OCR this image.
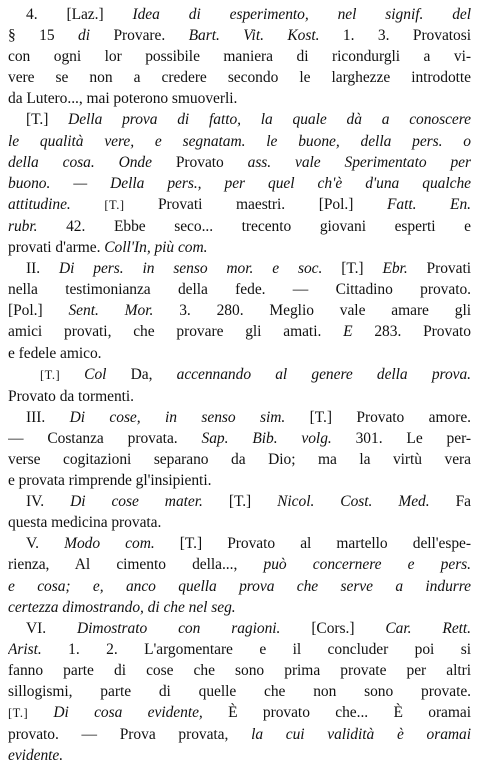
4. [Laz.] Idea di esperimento, nel signif. del
§ 15 di Provare. Bart. Vit. Kost. 1. 3. Provatosi
con ogni lor possibile maniera di ricondurgli a vi-
vere se non a credere secondo le larghezze introdotte
da Lutero..., mai poterono smuoverli.
[T.] Della prova di fatto, la quale dà a conoscere
le qualità vere, e segnatam. le buone, della pers. o
della cosa. Onde Provato ass. vale Sperimentato per
buono. — Della pers., per quel ch'è d'una qualche
attitudine. [T.] Provati maestri. [Pol.] Fatt. En.
rubr. 42. Ebbe seco... trecento giovani esperti e
provati d'arme. Coll'In, più com.
II. Di pers. in senso mor. e soc. [T.] Ebr. Provati
nella testimonianza della fede. — Cittadino provato.
[Pol.] Sent. Mor. 3. 280. Meglio vale amare gli
amici provati, che provare gli amati. E 283. Provato
e fedele amico.
[T.] Col Da, accennando al genere della prova.
Provato da tormenti.
III. Di cose, in senso sim. [T.] Provato amore.
— Costanza provata. Sap. Bib. volg. 301. Le per-
verse cogitazioni separano da Dio; ma la virtù vera
e provata rimprende gl'insipienti.
IV. Di cose mater. [T.] Nicol. Cost. Med. Fa
questa medicina provata.
V. Modo com. [T.] Provato al martello dell'espe-
rienza, Al cimento della..., può concernere e pers.
e cosa; e, anco quella prova che serve a indurre
certezza dimostrando, di che nel seg.
VI. Dimostrato con ragioni. [Cors.] Car. Rett.
Arist. 1. 2. L'argomentare e il concluder poi si
fanno parte di cose che sono prima provate per altri
sillogismi, parte di quelle che non sono provate.
[T.] Di cosa evidente, È provato che... È oramai
provato. — Prova provata, la cui validità è oramai
evidente.
